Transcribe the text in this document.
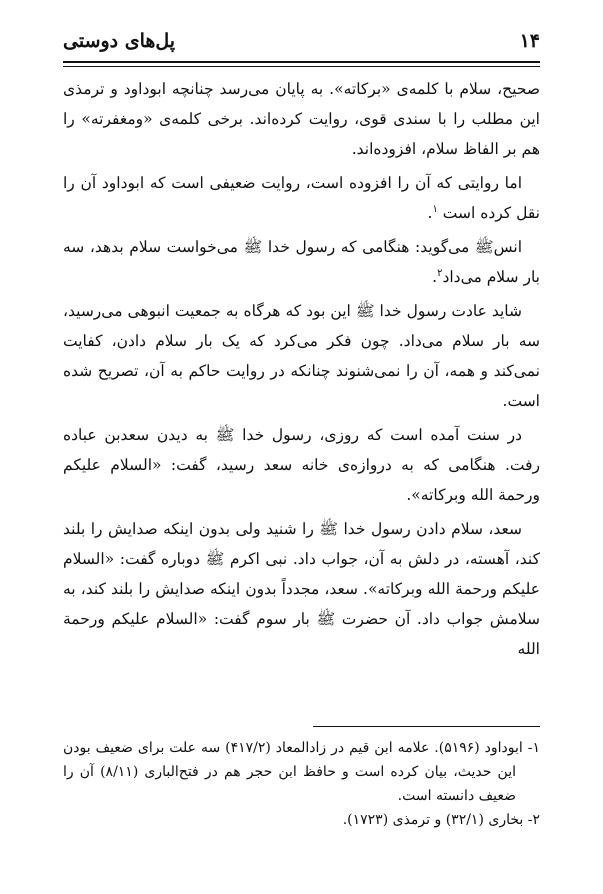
۱۴
پل‌های دوستی

صحیح، سلام با کلمه‌ی «برکاته». به پایان می‌رسد چنانچه ابوداود و ترمذی این مطلب را با سندی قوی، روایت کرده‌اند. برخی کلمه‌ی «ومغفرته» را هم بر الفاظ سلام، افزوده‌اند.

اما روایتی که آن را افزوده است، روایت ضعیفی است که ابوداود آن را نقل کرده است $^۱$.

انس‌ﷺ می‌گوید: هنگامی که رسول خدا ﷺ می‌خواست سلام بدهد، سه بار سلام می‌داد$^۲$.

شاید عادت رسول خدا ﷺ این بود که هرگاه به جمعیت انبوهی می‌رسید، سه بار سلام می‌داد. چون فکر می‌کرد که یک بار سلام دادن، کفایت نمی‌کند و همه، آن را نمی‌شنوند چنانکه در روایت حاکم به آن، تصریح شده است.

در سنت آمده است که روزی، رسول خدا ﷺ به دیدن سعدبن عباده رفت. هنگامی که به دروازه‌ی خانه سعد رسید، گفت: «السلام علیکم ورحمة الله وبرکاته».

سعد، سلام دادن رسول خدا ﷺ را شنید ولی بدون اینکه صدایش را بلند کند، آهسته، در دلش به آن، جواب داد. نبی اکرم ﷺ دوباره گفت: «السلام علیکم ورحمة الله وبرکاته». سعد، مجدداً بدون اینکه صدایش را بلند کند، به سلامش جواب داد. آن حضرت ﷺ بار سوم گفت: «السلام علیکم ورحمة الله

۱- ابوداود (۵۱۹۶). علامه ابن قیم در زادالمعاد (۴۱۷/۲) سه علت برای ضعیف بودن این حدیث، بیان کرده است و حافظ ابن حجر هم در فتح‌الباری (۸/۱۱) آن را ضعیف دانسته است.

۲- بخاری (۳۲/۱) و ترمذی (۱۷۲۳).
